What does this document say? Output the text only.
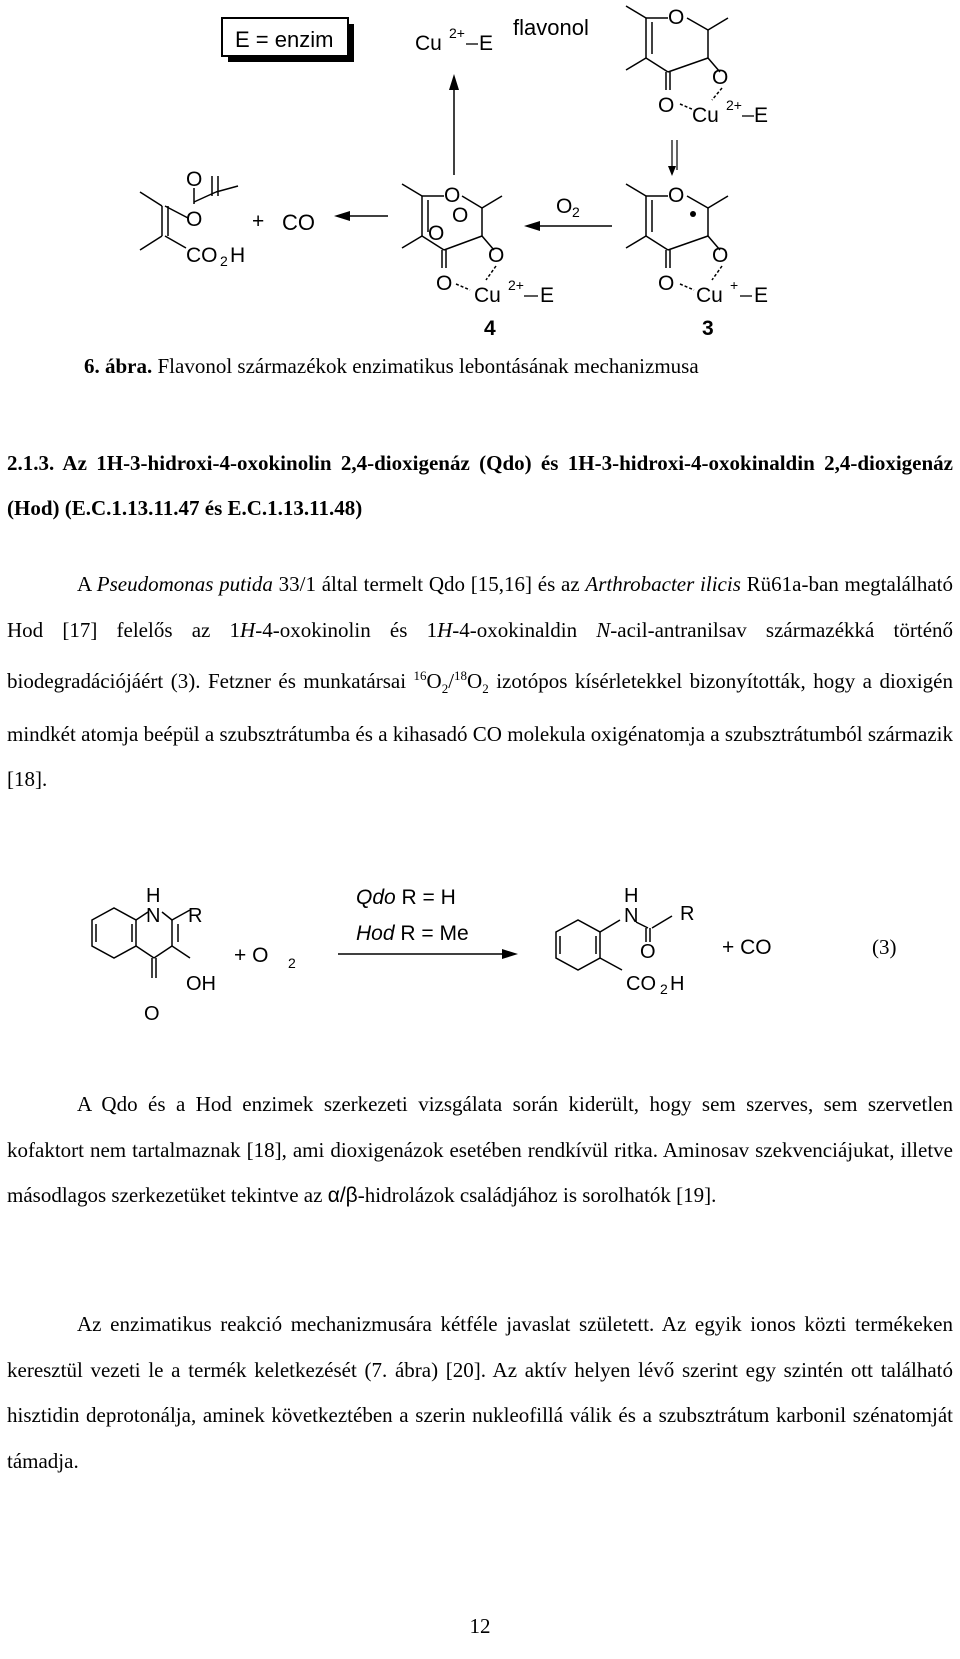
E = enzim	Cu 2+ E
flavonol	O
O
O
Cu 2+ E
O
O
O
Cu + E
3
O 2
O
O
O
O
O
Cu 2+ E
4
O
O + CO
CO 2 H
6. ábra. Flavonol származékok enzimatikus lebontásának mechanizmusa
2.1.3. Az 1H-3-hidroxi-4-oxokinolin 2,4-dioxigenáz (Qdo) és 1H-3-hidroxi-4-oxokinaldin 2,4-dioxigenáz (Hod) (E.C.1.13.11.47 és E.C.1.13.11.48)

A Pseudomonas putida 33/1 által termelt Qdo [15,16] és az Arthrobacter ilicis Rü61a-ban megtalálható Hod [17] felelős az 1H-4-oxokinolin és 1H-4-oxokinaldin N-acil-antranilsav származékká történő biodegradációjáért (3). Fetzner és munkatársai $^{16}O_2/^{18}O_2$ izotópos kísérletekkel bizonyították, hogy a dioxigén mindkét atomja beépül a szubsztrátumba és a kihasadó CO molekula oxigénatomja a szubsztrátumból származik [18].

H
N R
OH
O
+ O 2
Qdo R = H
Hod R = Me
H
N R
O
CO 2 H
+ CO	(3)

A Qdo és a Hod enzimek szerkezeti vizsgálata során kiderült, hogy sem szerves, sem szervetlen kofaktort nem tartalmaznak [18], ami dioxigenázok esetében rendkívül ritka. Aminosav szekvenciájukat, illetve másodlagos szerkezetüket tekintve az α/β-hidrolázok családjához is sorolhatók [19].

Az enzimatikus reakció mechanizmusára kétféle javaslat született. Az egyik ionos közti termékeken keresztül vezeti le a termék keletkezését (7. ábra) [20]. Az aktív helyen lévő szerint egy szintén ott található hisztidin deprotonálja, aminek következtében a szerin nukleofillá válik és a szubsztrátum karbonil szénatomját támadja.

12
